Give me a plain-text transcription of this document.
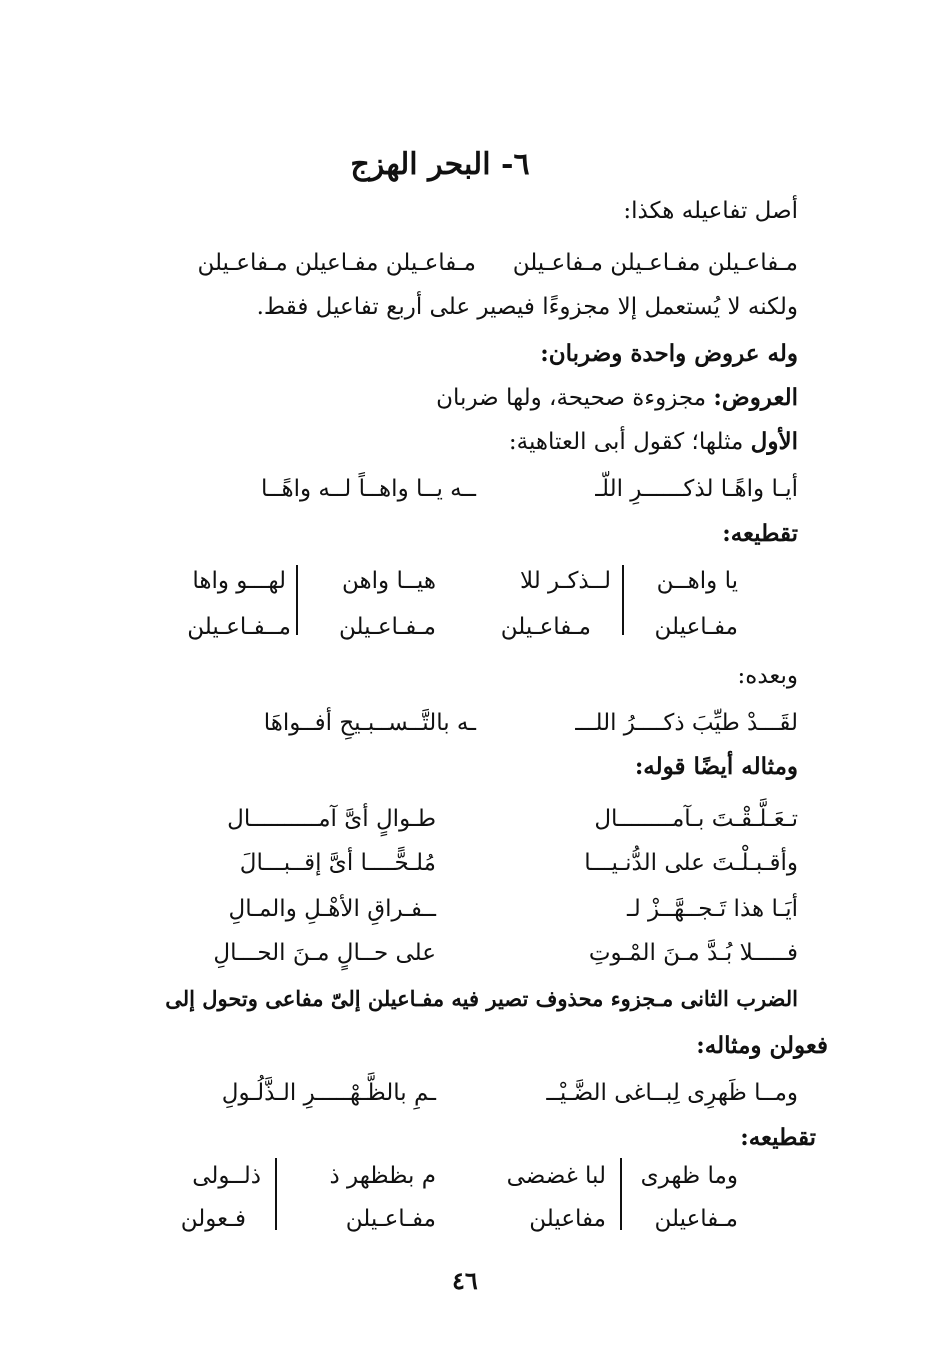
٦- البحر الهزج
أصل تفاعيله هكذا:
مـفاعـيلن مفـاعـيلن مـفاعـيلن
مـفاعـيلن مفـاعيلن مـفاعـيلن
ولكنه لا يُستعمل إلا مجزوءًا فيصير على أربع تفاعيل فقط.
وله عروض واحدة وضربان:
العروض: مجزوءة صحيحة، ولها ضربان
الأول مثلها؛ كقول أبى العتاهية:
أيـا واهًـا لذكــــــرِ اللّـ
ــه يــا واهــاً لــه واهًــا
تقطيعه:
يا واهــن
لــذكـر للا
هيــا واهن
لهـــو واها
مفـاعيلن
مـفاعـيلن
مـفـاعـيلن
مــفـاعـيلن
وبعده:
لقَـــدْ طيِّبَ ذكــــرُ اللـــ
ـه بالتَّــســبـيحِ أفــواهَا
ومثاله أيضًا قوله:
تـعَـلَّـقْـتَ بـآمــــــــال
طـوالٍ أىَّ آمــــــــــال
وأقـبـلْـتَ على الدُّنـيـــا
مُلـحًّــــا أىَّ إقــبـــالَ
أيَـا هذا تَـجــهَّــزْ لـ
ــفـراقِ الأهْـلِ والمـالِ
فـــــلا بُـدَّ مـنَ المْـوتِ
على حــالٍ مـنَ الحـــالِ
الضرب الثانى مـجزوء محذوف تصير فيه مفـاعيلن إلىّ مفاعى وتحول إلى
فعولن ومثاله:
ومــا ظَهرِى لِبــاغى الضَّـيْــ
ـمِ بالظَّـهْـــــرِ الـذَّلُـولِ
تقطيعه:
وما ظهرى
لبا غضضى
م بظظهر ذ
ذلــولى
مـفاعيلن
مفاعيلن
مفـاعـيلن
فـعولن
٤٦
